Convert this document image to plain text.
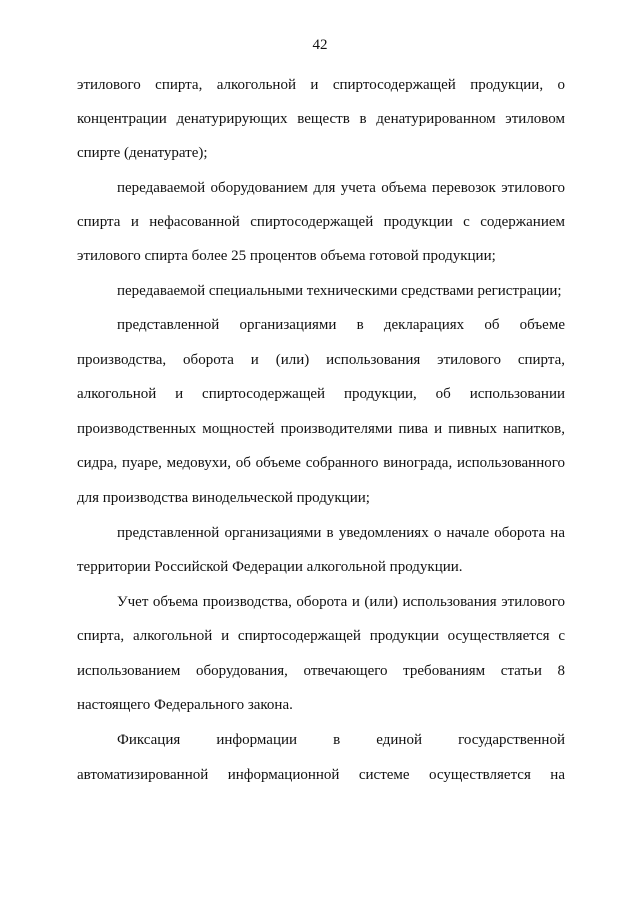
42
этилового спирта, алкогольной и спиртосодержащей продукции, о
концентрации денатурирующих веществ в денатурированном этиловом
спирте (денатурате);
передаваемой оборудованием для учета объема перевозок этилового
спирта и нефасованной спиртосодержащей продукции с содержанием
этилового спирта более 25 процентов объема готовой продукции;
передаваемой специальными техническими средствами регистрации;
представленной организациями в декларациях об объеме
производства, оборота и (или) использования этилового спирта,
алкогольной и спиртосодержащей продукции, об использовании
производственных мощностей производителями пива и пивных напитков,
сидра, пуаре, медовухи, об объеме собранного винограда, использованного
для производства винодельческой продукции;
представленной организациями в уведомлениях о начале оборота на
территории Российской Федерации алкогольной продукции.
Учет объема производства, оборота и (или) использования этилового
спирта, алкогольной и спиртосодержащей продукции осуществляется с
использованием оборудования, отвечающего требованиям статьи 8
настоящего Федерального закона.
Фиксация информации в единой государственной
автоматизированной информационной системе осуществляется на
